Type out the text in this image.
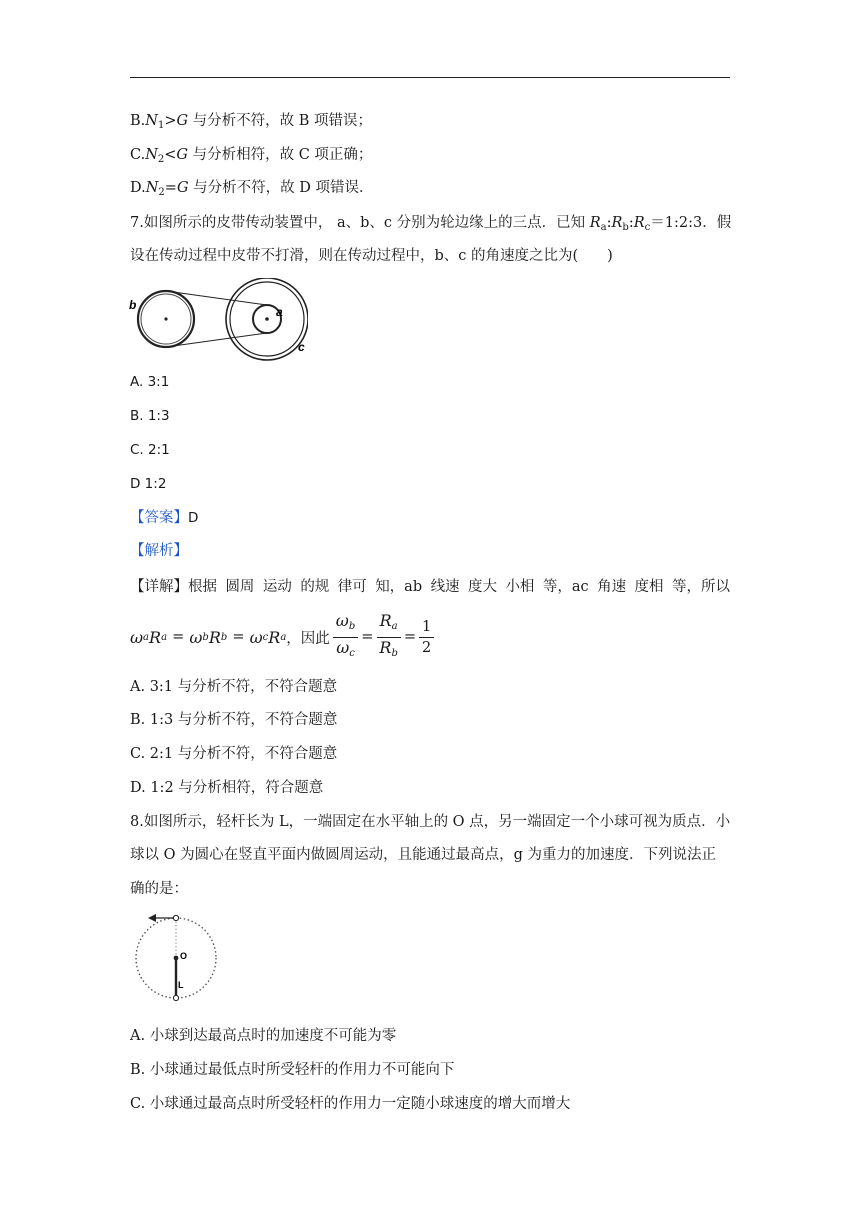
$B.N_1>G$ 与分析不符，故 B 项错误；
$C.N_2<G$ 与分析相符，故 C 项正确；
$D.N_2=G$ 与分析不符，故 D 项错误．
7.如图所示的皮带传动装置中， a、b、c 分别为轮边缘上的三点．已知 $R_a:R_b:R_c=1:2:3$．假
设在传动过程中皮带不打滑，则在传动过程中，b、c 的角速度之比为(　　)
b	a
c
A. 3:1
B. 1:3
C. 2:1
D 1:2
【答案】D
【解析】
【详解】根据 圆周 运动 的规 律可 知，ab 线速 度大 小相 等，ac 角速 度相 等，所以
ω a R a
=
ω b R b
=
ω c R a ，因此 $\frac{\omega_b}{\omega_c} = \frac{R_a}{R_b} = \frac{1}{2}$
A. 3:1 与分析不符，不符合题意
B. 1:3 与分析不符，不符合题意
C. 2:1 与分析不符，不符合题意
D. 1:2 与分析相符，符合题意
8.如图所示，轻杆长为 L，一端固定在水平轴上的 O 点，另一端固定一个小球可视为质点．小
球以 O 为圆心在竖直平面内做圆周运动，且能通过最高点，g 为重力的加速度．下列说法正
确的是：
O
L
A. 小球到达最高点时的加速度不可能为零
B. 小球通过最低点时所受轻杆的作用力不可能向下
C. 小球通过最高点时所受轻杆的作用力一定随小球速度的增大而增大
